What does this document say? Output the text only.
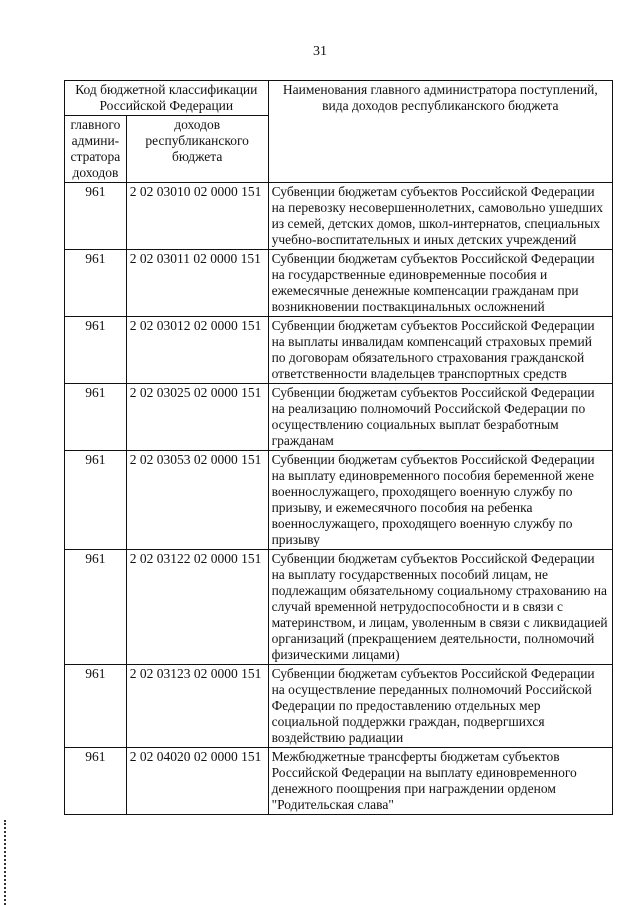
31
Код бюджетной классификации Российской Федерации		Наименования главного администратора поступлений, вида доходов республиканского бюджета
главного админи-стратора доходов	доходов республиканского бюджета	
961	2 02 03010 02 0000 151	Субвенции бюджетам субъектов Российской Федерации на перевозку несовершеннолетних, самовольно ушедших из семей, детских домов, школ-интернатов, специальных учебно-воспитательных и иных детских учреждений
961	2 02 03011 02 0000 151	Субвенции бюджетам субъектов Российской Федерации на государственные единовременные пособия и ежемесячные денежные компенсации гражданам при возникновении поствакцинальных осложнений
961	2 02 03012 02 0000 151	Субвенции бюджетам субъектов Российской Федерации на выплаты инвалидам компенсаций страховых премий по договорам обязательного страхования гражданской ответственности владельцев транспортных средств
961	2 02 03025 02 0000 151	Субвенции бюджетам субъектов Российской Федерации на реализацию полномочий Российской Федерации по осуществлению социальных выплат безработным гражданам
961	2 02 03053 02 0000 151	Субвенции бюджетам субъектов Российской Федерации на выплату единовременного пособия беременной жене военнослужащего, проходящего военную службу по призыву, и ежемесячного пособия на ребенка военнослужащего, проходящего военную службу по призыву
961	2 02 03122 02 0000 151	Субвенции бюджетам субъектов Российской Федерации на выплату государственных пособий лицам, не подлежащим обязательному социальному страхованию на случай временной нетрудоспособности и в связи с материнством, и лицам, уволенным в связи с ликвидацией организаций (прекращением деятельности, полномочий физическими лицами)
961	2 02 03123 02 0000 151	Субвенции бюджетам субъектов Российской Федерации на осуществление переданных полномочий Российской Федерации по предоставлению отдельных мер социальной поддержки граждан, подвергшихся воздействию радиации
961	2 02 04020 02 0000 151	Межбюджетные трансферты бюджетам субъектов Российской Федерации на выплату единовременного денежного поощрения при награждении орденом "Родительская слава"
